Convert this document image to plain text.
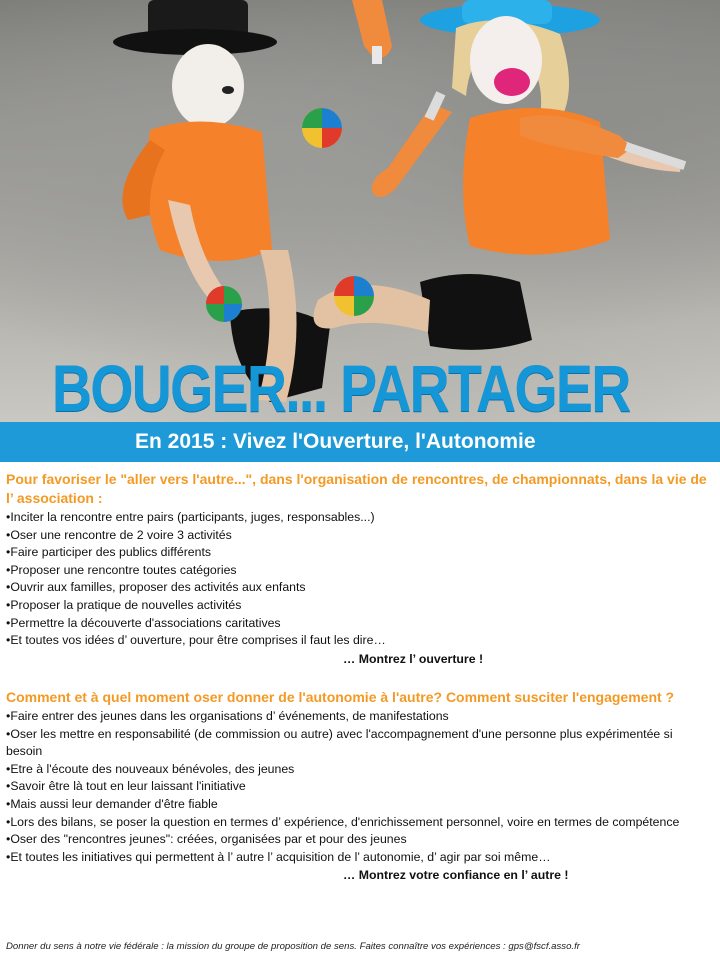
BOUGER... PARTAGER
En 2015 : Vivez l'Ouverture, l'Autonomie
Pour favoriser le "aller vers l'autre...", dans l'organisation de rencontres, de championnats, dans la vie de l’ association :
• Inciter la rencontre entre pairs (participants, juges, responsables...)
• Oser une rencontre de 2 voire 3 activités
• Faire participer des publics différents
• Proposer une rencontre toutes catégories
• Ouvrir aux familles, proposer des activités aux enfants
• Proposer la pratique de nouvelles activités
• Permettre la découverte d'associations caritatives
• Et toutes vos idées d’ ouverture, pour être comprises il faut les dire…
… Montrez l’ ouverture !
Comment et à quel moment oser donner de l'autonomie à l'autre? Comment susciter l'engagement ?
• Faire entrer des jeunes dans les organisations d’ événements, de manifestations
• Oser les mettre en responsabilité (de commission ou autre) avec l'accompagnement d'une personne plus expérimentée si besoin
• Etre à l'écoute des nouveaux bénévoles, des jeunes
• Savoir être là tout en leur laissant l'initiative
• Mais aussi leur demander d'être fiable
• Lors des bilans, se poser la question en termes d’ expérience, d'enrichissement personnel, voire en termes de compétence
• Oser des "rencontres jeunes": créées, organisées par et pour des jeunes
• Et toutes les initiatives qui permettent à l’ autre l’ acquisition de l’ autonomie, d’ agir par soi même…
… Montrez votre confiance en l’ autre !
Donner du sens à notre vie fédérale : la mission du groupe de proposition de sens. Faites connaître vos expériences : gps@fscf.asso.fr
